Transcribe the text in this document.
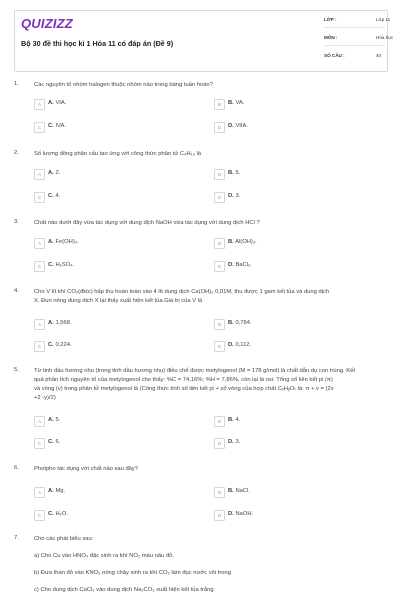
QUIZIZZ
Bộ 30 đề thi học kì 1 Hóa 11 có đáp án (Đề 9)
LỚP :	Lớp 11
MÔN :	Hóa học
SỐ CÂU :	40
1.	Các nguyên tố nhóm halogen thuộc nhóm nào trong bảng tuần hoàn?
A	A. VIA.	B	B. VA.
C	C. IVA.	D	D. VIIA.
2.	Số lượng đồng phân cấu tạo ứng với công thức phân tử C₄H₁₀ là
A	A. 2.	B	B. 5.
C	C. 4.	D	D. 3.
3.	Chất nào dưới đây vừa tác dụng với dung dịch NaOH vừa tác dụng với dung dịch HCl ?
A	A. Fe(OH)₃.	B	B. Al(OH)₃.
C	C. H₂SO₄.	D	D. BaCl₂.
4.	Cho V lít khí CO₂(đktc) hấp thụ hoàn toàn vào 4 lít dung dịch Ca(OH)₂ 0,01M, thu được 1 gam kết tủa và dung dịch
X. Đun nóng dung dịch X lại thấy xuất hiện kết tủa.Giá trị của V là
A	A. 1,568.	B	B. 0,784.
C	C. 0,224.	D	D. 0,112.
5.	Từ tinh dầu hương nhu (trong tinh dầu hương nhu) điều chế được metylogenol (M = 178 g/mol) là chất dẫn dụ con trùng. Kết
quả phân tích nguyên tố của metylogenol cho thấy: %C = 74,16%; %H = 7,86%, còn lại là oxi. Tổng số liên kết pi (π)
và vòng (v) trong phân tử metylogenol là (Công thức tính số liên kết pi + số vòng của hợp chất CₓHᵧOₜ là: π + v = (2x
+2 -y)/2)
A	A. 5.	B	B. 4.
C	C. 6.	D	D. 3.
6.	Photpho tác dụng với chất nào sau đây?
A	A. Mg.	B	B. NaCl.
C	C. H₂O.	D	D. NaOH.
7.	Cho các phát biểu sau:
a) Cho Cu vào HNO₃ đặc sinh ra khí NO₂ màu nâu đỏ.
b) Đưa than đỏ vào KNO₃ nóng chảy sinh ra khí CO₂ làm đục nước vôi trong
c) Cho dung dịch CaCl₂ vào dung dịch Na₂CO₃ xuất hiện kết tủa trắng
